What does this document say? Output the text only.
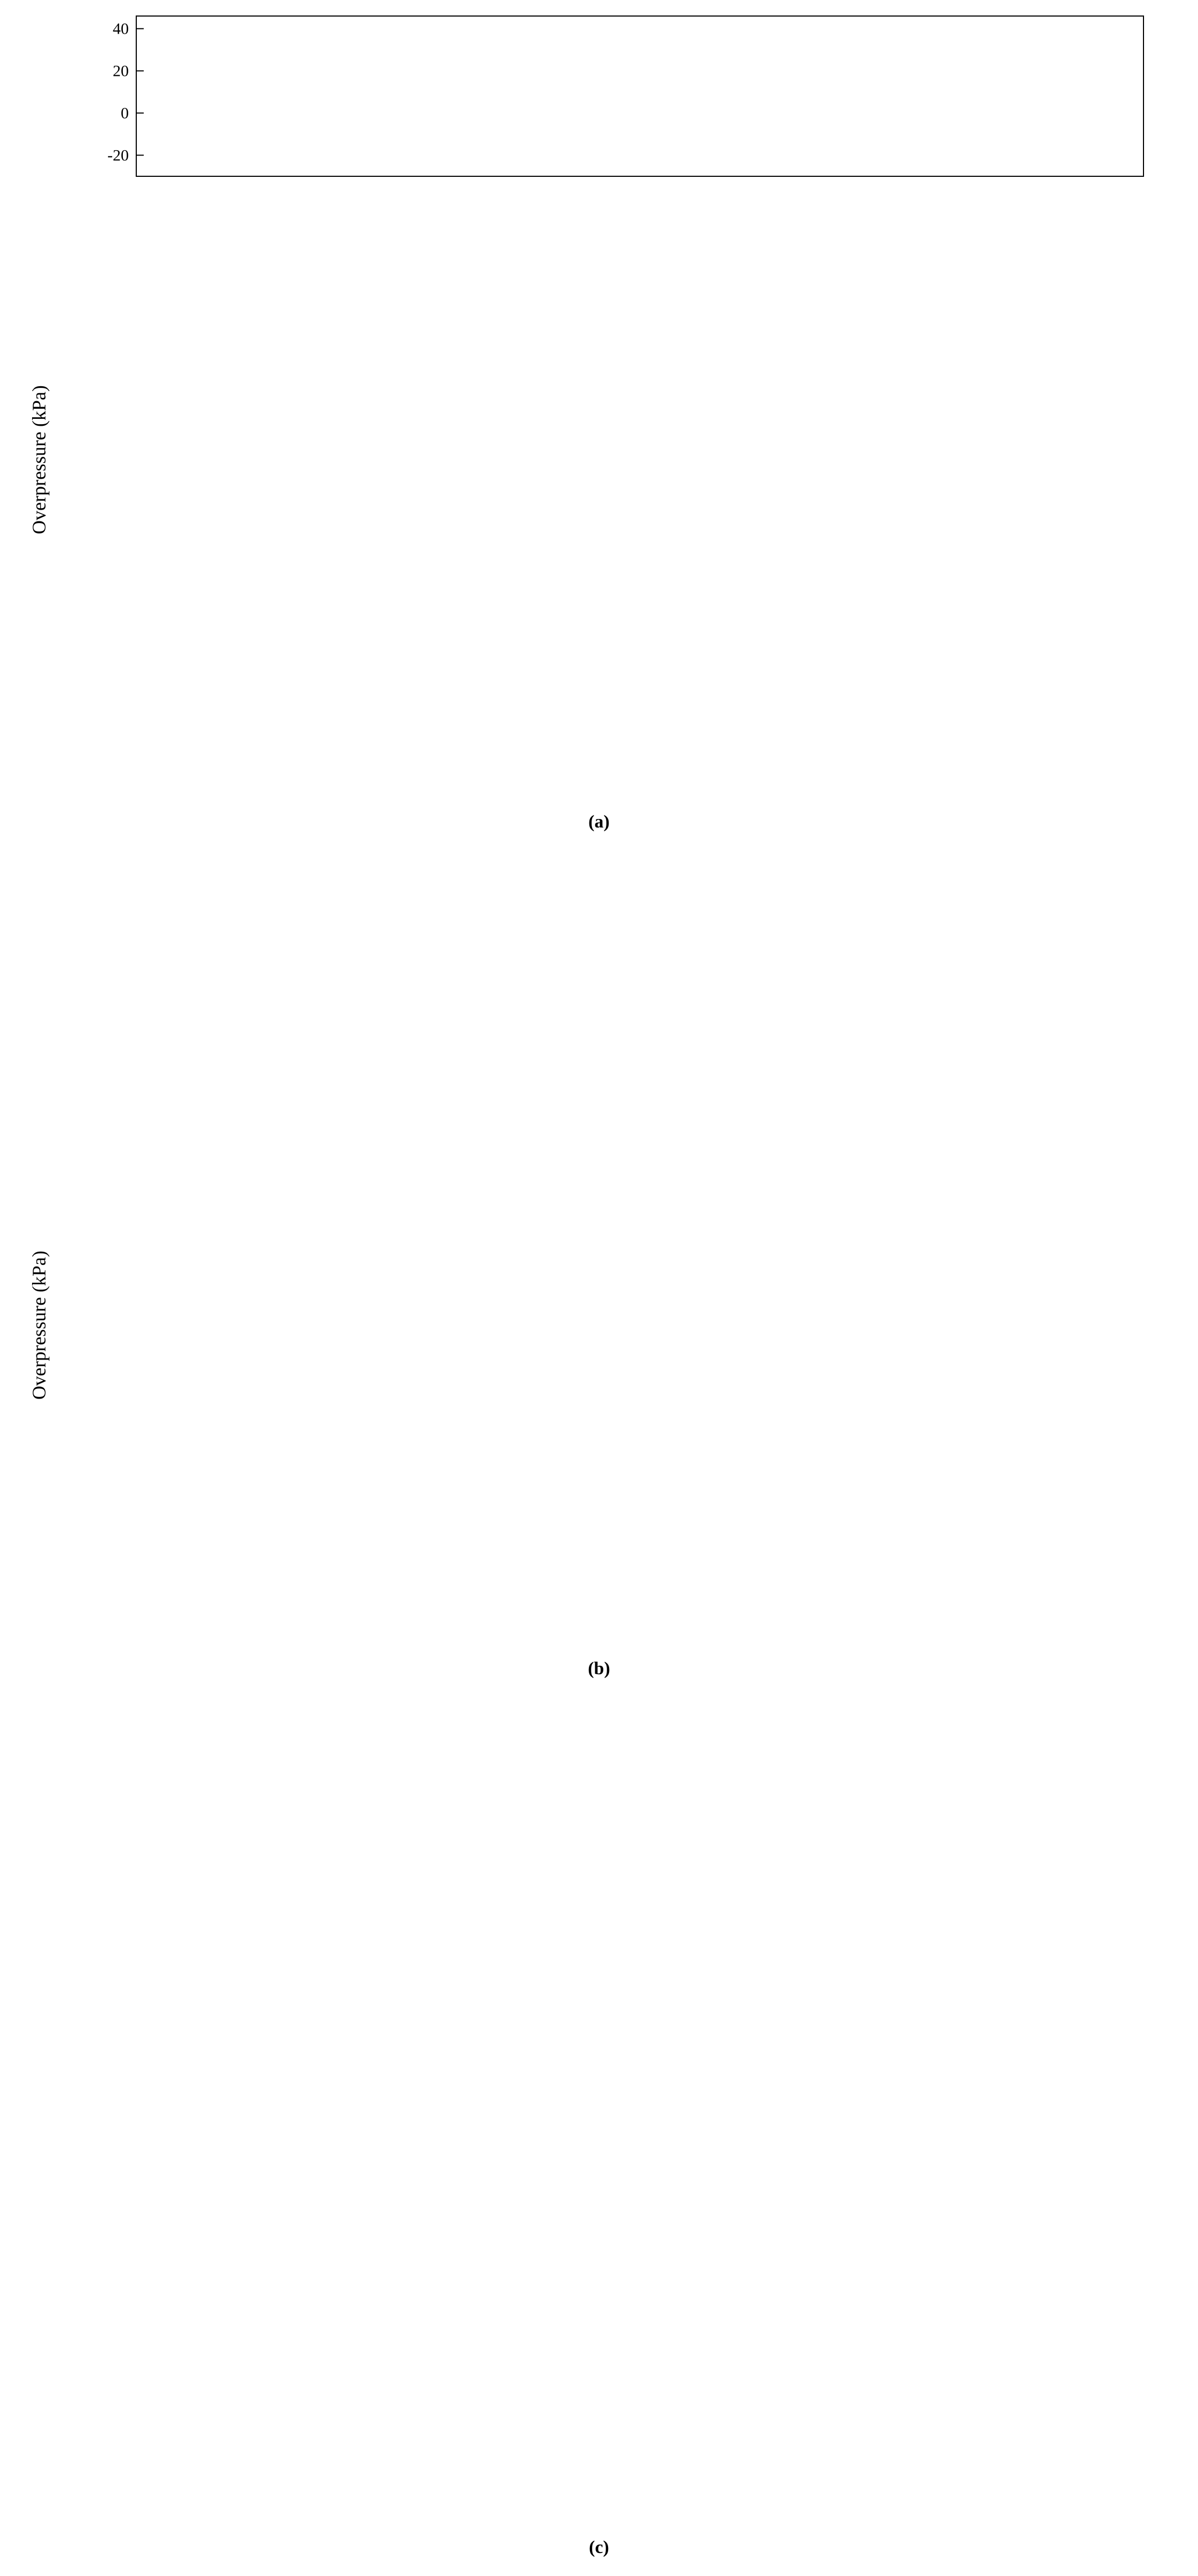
Overpressure (kPa)
-20
0
20
40
(a)
Overpressure (kPa)
(b)
(c)
